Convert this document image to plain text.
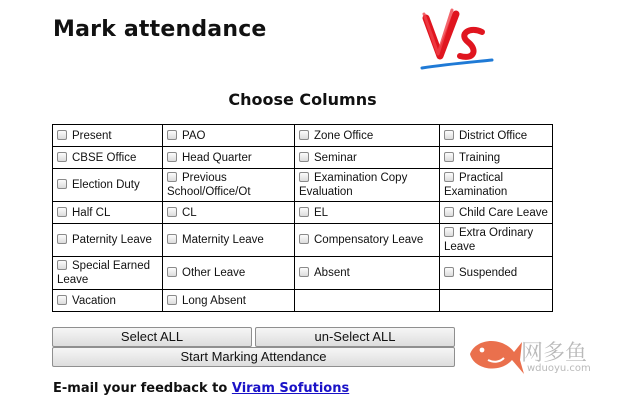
Mark attendance
Choose Columns
Present	PAO	Zone Office	District Office
CBSE Office	Head Quarter	Seminar	Training
Election Duty	Previous School/Office/Ot	Examination Copy Evaluation	Practical Examination
Half CL	CL	EL	Child Care Leave
Paternity Leave	Maternity Leave	Compensatory Leave	Extra Ordinary Leave
Special Earned Leave	Other Leave	Absent	Suspended
Vacation	Long Absent		
Select ALL	un-Select ALL
Start Marking Attendance
E-mail your feedback to Viram Sofutions
网多鱼
wduoyu.com
